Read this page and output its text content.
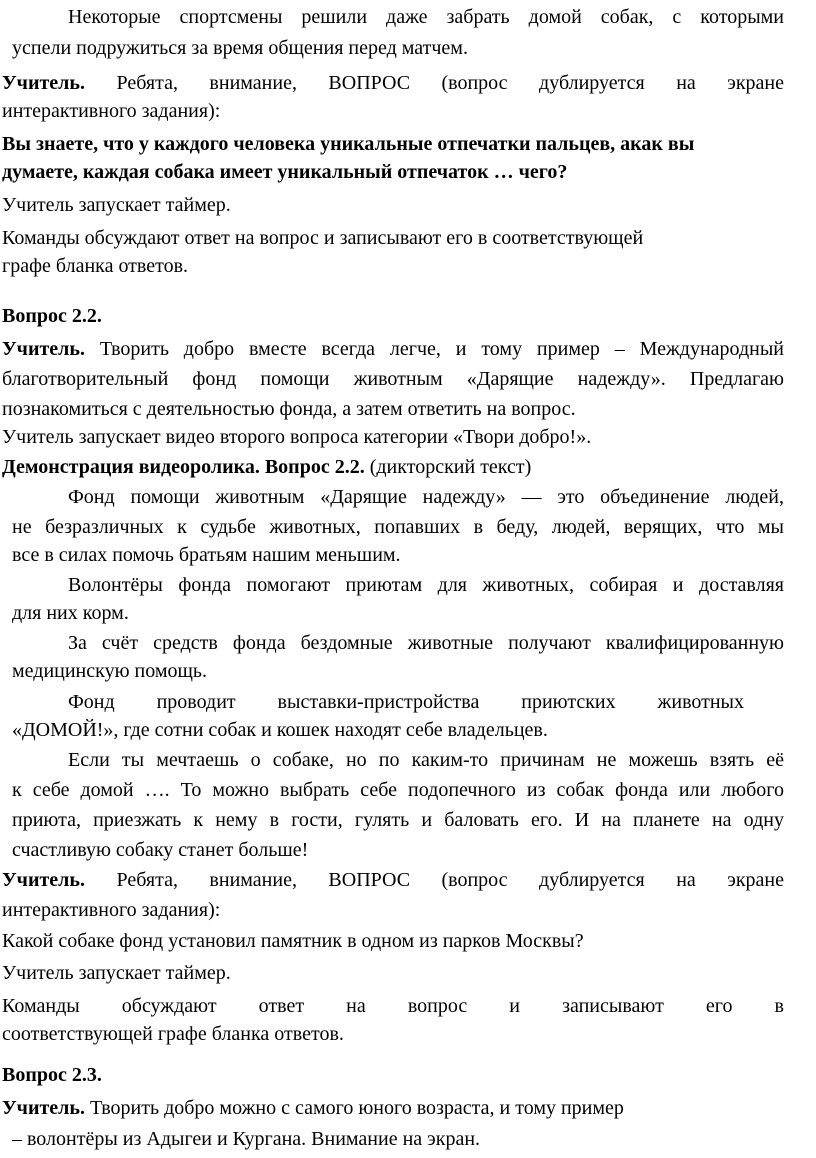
Некоторые спортсмены решили даже забрать домой собак, с которыми
успели подружиться за время общения перед матчем.
Учитель. Ребята, внимание, ВОПРОС (вопрос дублируется на экране
интерактивного задания):
Вы знаете, что у каждого человека уникальные отпечатки пальцев, акак вы
думаете, каждая собака имеет уникальный отпечаток … чего?
Учитель запускает таймер.
Команды обсуждают ответ на вопрос и записывают его в соответствующей
графе бланка ответов.
Вопрос 2.2.
Учитель. Творить добро вместе всегда легче, и тому пример – Международный
благотворительный фонд помощи животным «Дарящие надежду». Предлагаю
познакомиться с деятельностью фонда, а затем ответить на вопрос.
Учитель запускает видео второго вопроса категории «Твори добро!».
Демонстрация видеоролика. Вопрос 2.2. (дикторский текст)
Фонд помощи животным «Дарящие надежду» — это объединение людей,
не безразличных к судьбе животных, попавших в беду, людей, верящих, что мы
все в силах помочь братьям нашим меньшим.
Волонтёры фонда помогают приютам для животных, собирая и доставляя
для них корм.
За счёт средств фонда бездомные животные получают квалифицированную
медицинскую помощь.
Фонд проводит выставки-пристройства приютских животных
«ДОМОЙ!», где сотни собак и кошек находят себе владельцев.
Если ты мечтаешь о собаке, но по каким-то причинам не можешь взять её
к себе домой …. То можно выбрать себе подопечного из собак фонда или любого
приюта, приезжать к нему в гости, гулять и баловать его. И на планете на одну
счастливую собаку станет больше!
Учитель. Ребята, внимание, ВОПРОС (вопрос дублируется на экране
интерактивного задания):
Какой собаке фонд установил памятник в одном из парков Москвы?
Учитель запускает таймер.
Команды обсуждают ответ на вопрос и записывают его в
соответствующей графе бланка ответов.
Вопрос 2.3.
Учитель. Творить добро можно с самого юного возраста, и тому пример
– волонтёры из Адыгеи и Кургана. Внимание на экран.
